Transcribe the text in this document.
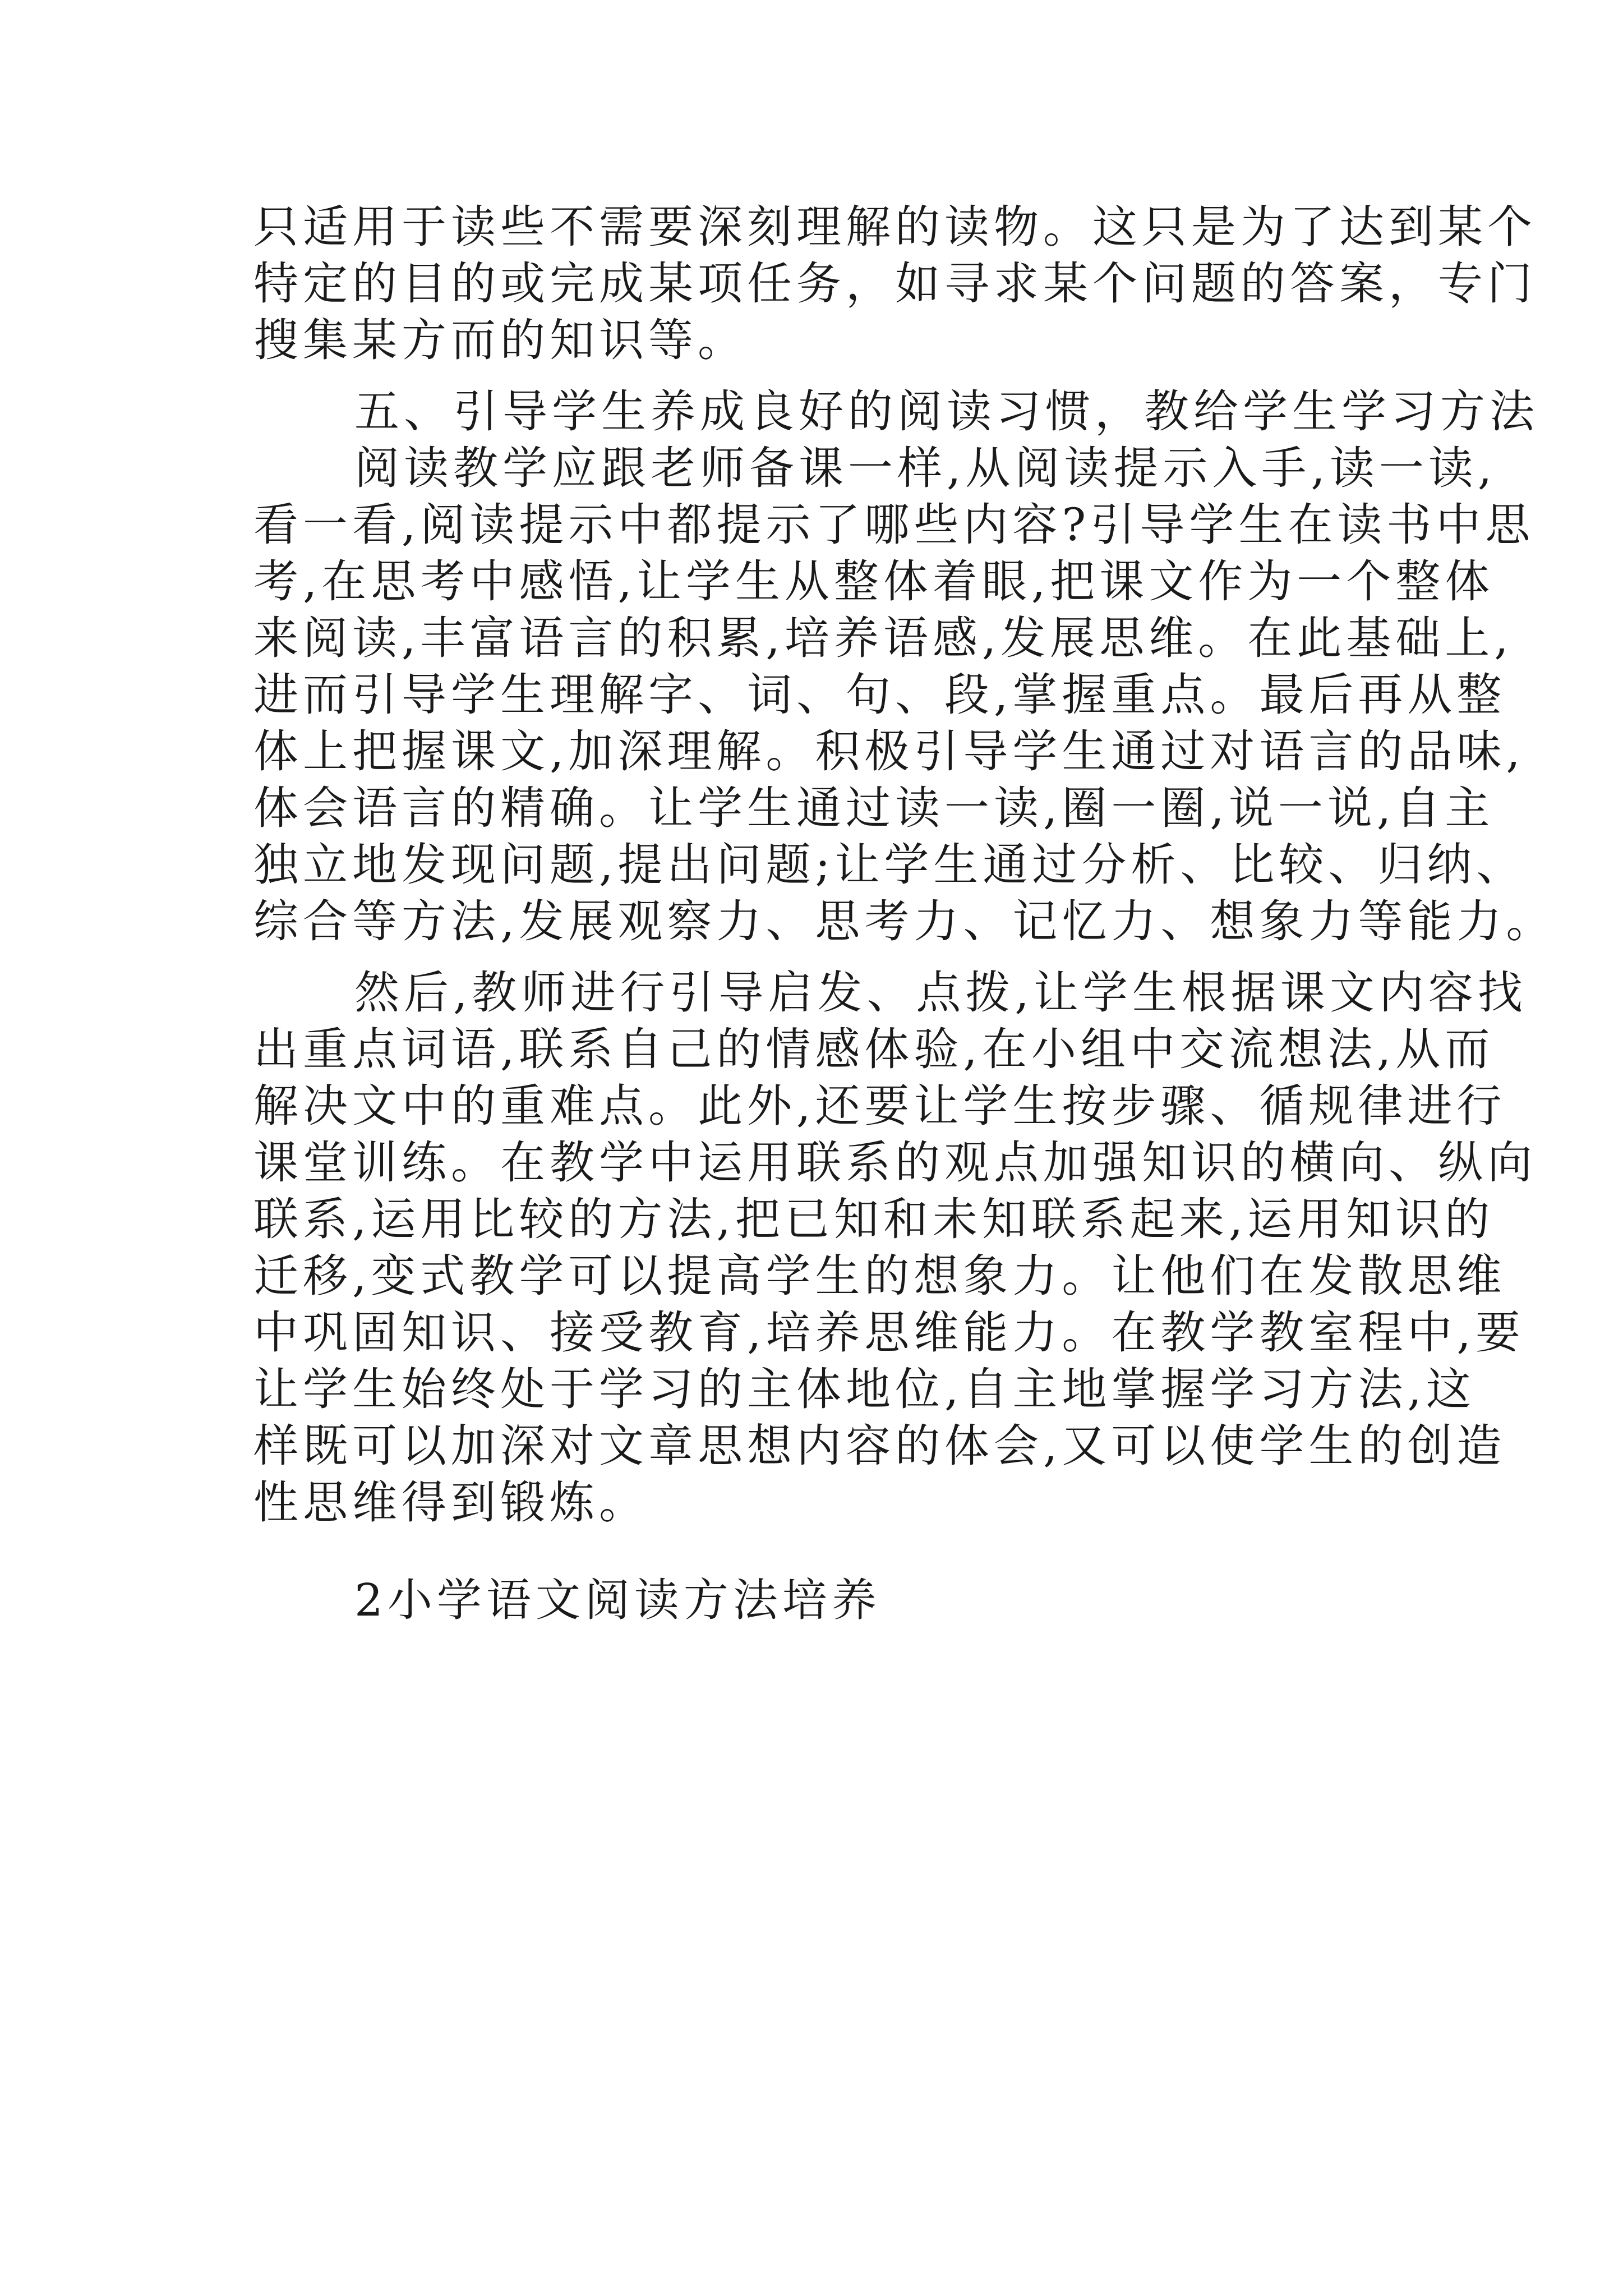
只适用于读些不需要深刻理解的读物。这只是为了达到某个
特定的目的或完成某项任务，如寻求某个问题的答案，专门
搜集某方而的知识等。
五、引导学生养成良好的阅读习惯，教给学生学习方法
阅读教学应跟老师备课一样,从阅读提示入手,读一读,
看一看,阅读提示中都提示了哪些内容?引导学生在读书中思
考,在思考中感悟,让学生从整体着眼,把课文作为一个整体
来阅读,丰富语言的积累,培养语感,发展思维。在此基础上,
进而引导学生理解字、词、句、段,掌握重点。最后再从整
体上把握课文,加深理解。积极引导学生通过对语言的品味,
体会语言的精确。让学生通过读一读,圈一圈,说一说,自主
独立地发现问题,提出问题;让学生通过分析、比较、归纳、
综合等方法,发展观察力、思考力、记忆力、想象力等能力。
然后,教师进行引导启发、点拨,让学生根据课文内容找
出重点词语,联系自己的情感体验,在小组中交流想法,从而
解决文中的重难点。此外,还要让学生按步骤、循规律进行
课堂训练。在教学中运用联系的观点加强知识的横向、纵向
联系,运用比较的方法,把已知和未知联系起来,运用知识的
迁移,变式教学可以提高学生的想象力。让他们在发散思维
中巩固知识、接受教育,培养思维能力。在教学教室程中,要
让学生始终处于学习的主体地位,自主地掌握学习方法,这
样既可以加深对文章思想内容的体会,又可以使学生的创造
性思维得到锻炼。
2小学语文阅读方法培养
